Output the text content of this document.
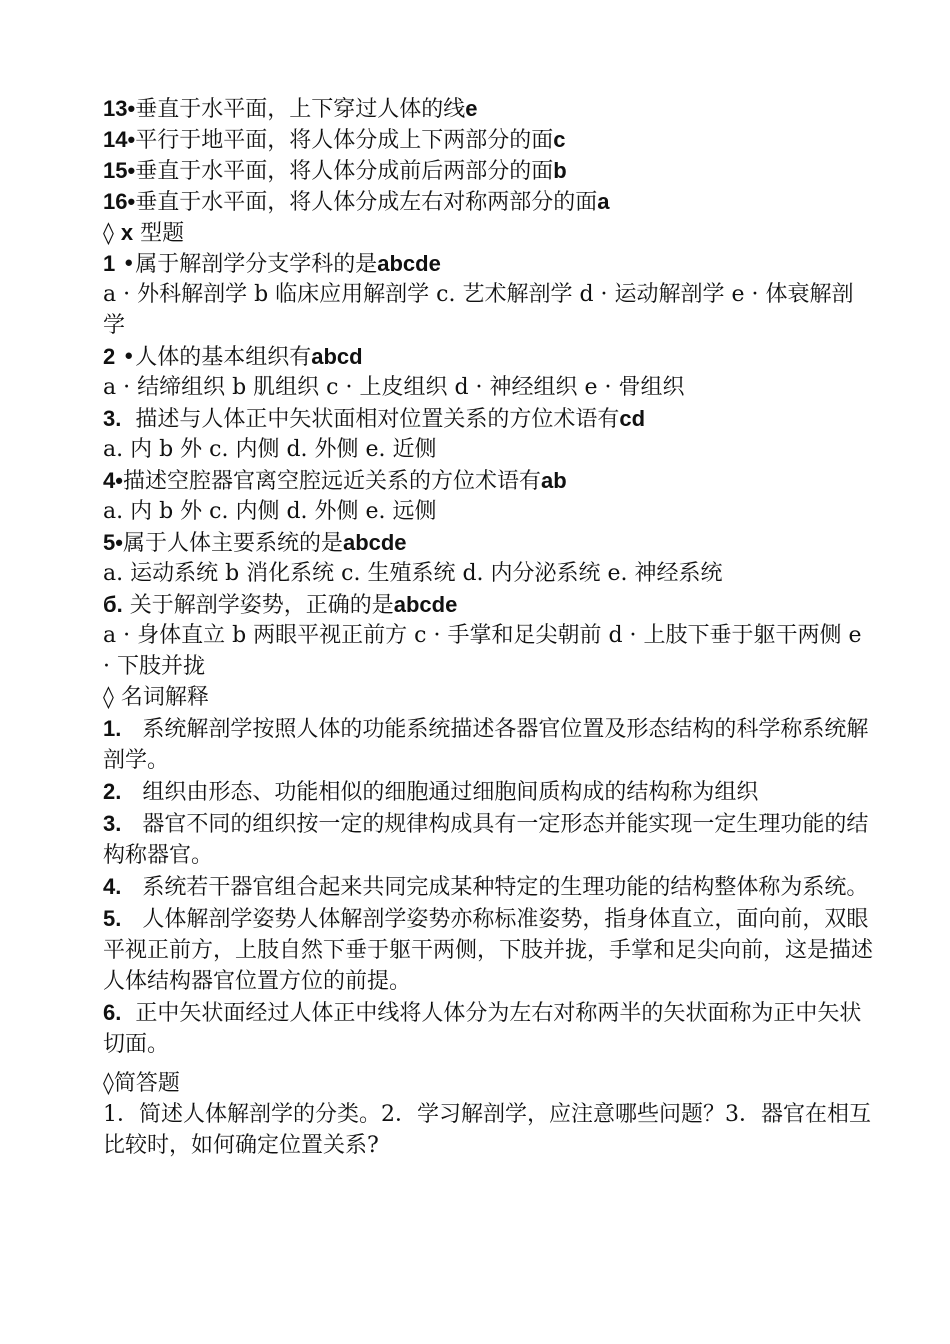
13•垂直于水平面，上下穿过人体的线e
14•平行于地平面，将人体分成上下两部分的面c
15•垂直于水平面，将人体分成前后两部分的面b
16•垂直于水平面，将人体分成左右对称两部分的面a
◊ x 型题
1 •属于解剖学分支学科的是abcde
a · 外科解剖学 b 临床应用解剖学 c. 艺术解剖学 d · 运动解剖学 e · 体衰解剖学
2 •人体的基本组织有abcd
a · 结缔组织 b 肌组织 c · 上皮组织 d · 神经组织 e · 骨组织
3. 描述与人体正中矢状面相对位置关系的方位术语有cd
a. 内 b 外 c. 内侧 d. 外侧 e. 近侧
4•描述空腔器官离空腔远近关系的方位术语有ab
a. 内 b 外 c. 内侧 d. 外侧 e. 远侧
5•属于人体主要系统的是abcde
a. 运动系统 b 消化系统 c. 生殖系统 d. 内分泌系统 e. 神经系统
б. 关于解剖学姿势，正确的是abcde
a · 身体直立 b 两眼平视正前方 c · 手掌和足尖朝前 d · 上肢下垂于躯干两侧 e · 下肢并拢
◊ 名词解释
1. 系统解剖学按照人体的功能系统描述各器官位置及形态结构的科学称系统解剖学。
2. 组织由形态、功能相似的细胞通过细胞间质构成的结构称为组织
3. 器官不同的组织按一定的规律构成具有一定形态并能实现一定生理功能的结构称器官。
4. 系统若干器官组合起来共同完成某种特定的生理功能的结构整体称为系统。
5. 人体解剖学姿势人体解剖学姿势亦称标准姿势，指身体直立，面向前，双眼平视正前方，上肢自然下垂于躯干两侧，下肢并拢，手掌和足尖向前，这是描述人体结构器官位置方位的前提。
6. 正中矢状面经过人体正中线将人体分为左右对称两半的矢状面称为正中矢状切面。
◊简答题
1．简述人体解剖学的分类。2．学习解剖学，应注意哪些问题？3．器官在相互比较时，如何确定位置关系?
